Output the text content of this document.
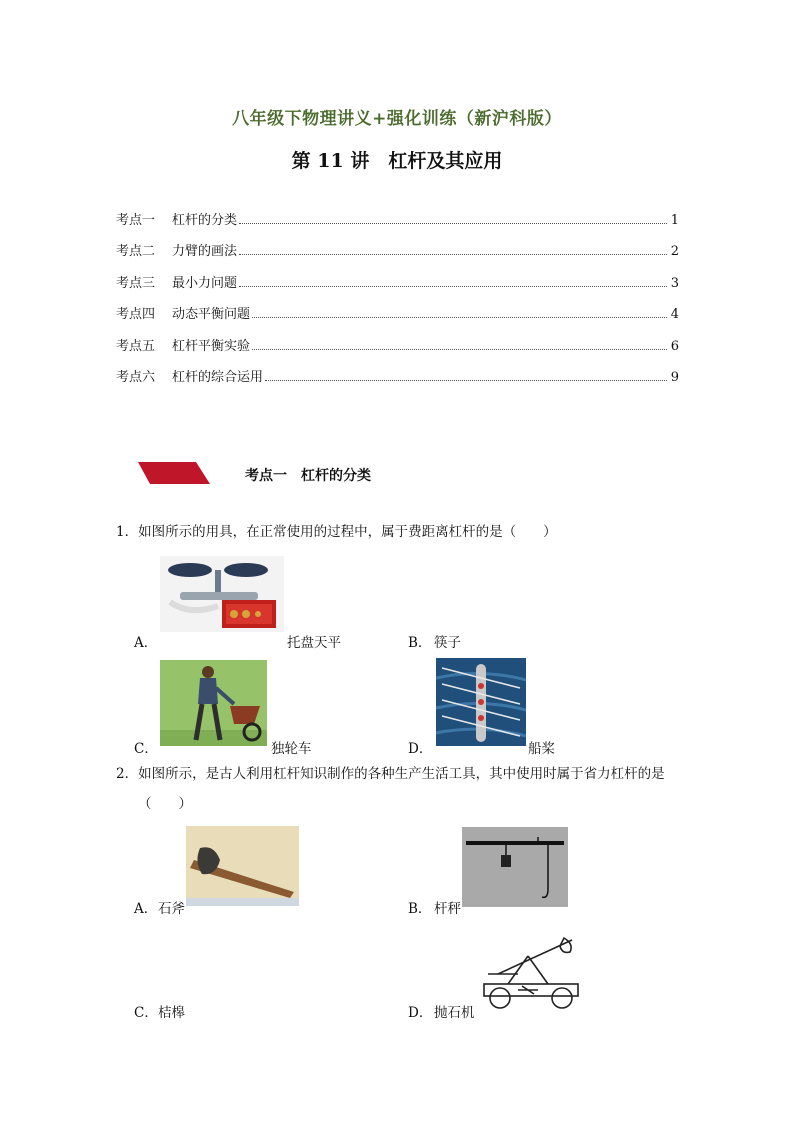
八年级下物理讲义+强化训练（新沪科版）
第 11 讲　杠杆及其应用
考点一	杠杆的分类	1
考点二	力臂的画法	2
考点三	最小力问题	3
考点四	动态平衡问题	4
考点五	杠杆平衡实验	6
考点六	杠杆的综合运用	9
考点一　杠杆的分类
1．如图所示的用具，在正常使用的过程中，属于费距离杠杆的是（　　）
A．	托盘天平	B． 筷子
C．	独轮车	D．	船桨
2．如图所示，是古人利用杠杆知识制作的各种生产生活工具，其中使用时属于省力杠杆的是
（　　）
A． 石斧	B． 杆秤
C． 桔槔	D． 抛石机
